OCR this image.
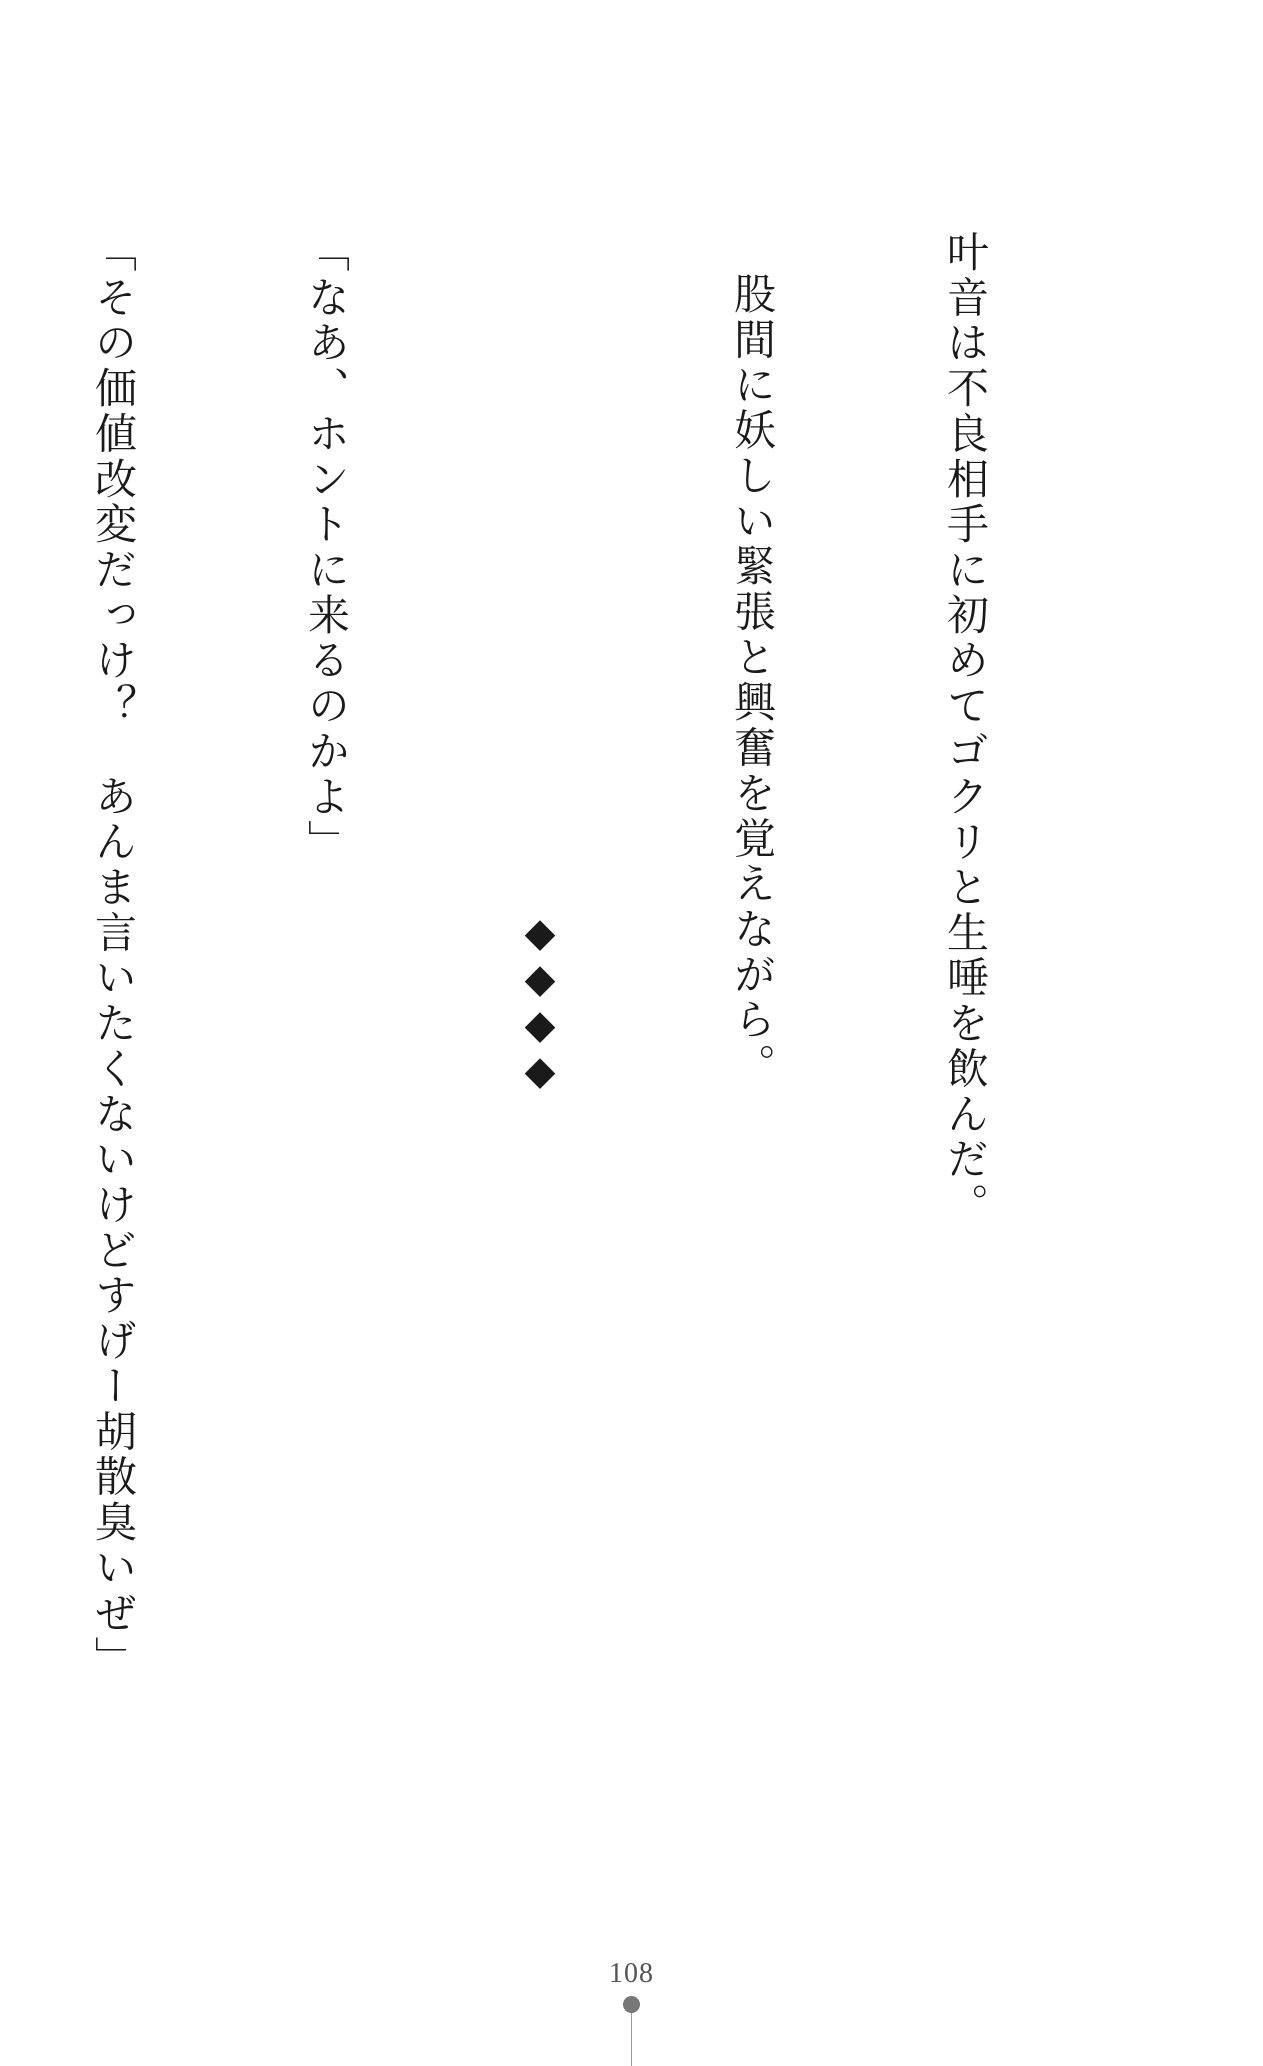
叶音は不良相手に初めてゴクリと生唾を飲んだ。

股間に妖しい緊張と興奮を覚えながら。

◆◆◆◆

「なあ、ホントに来るのかよ」

「その価値改変だっけ？　あんま言いたくないけどすげー胡散臭いぜ」

108
